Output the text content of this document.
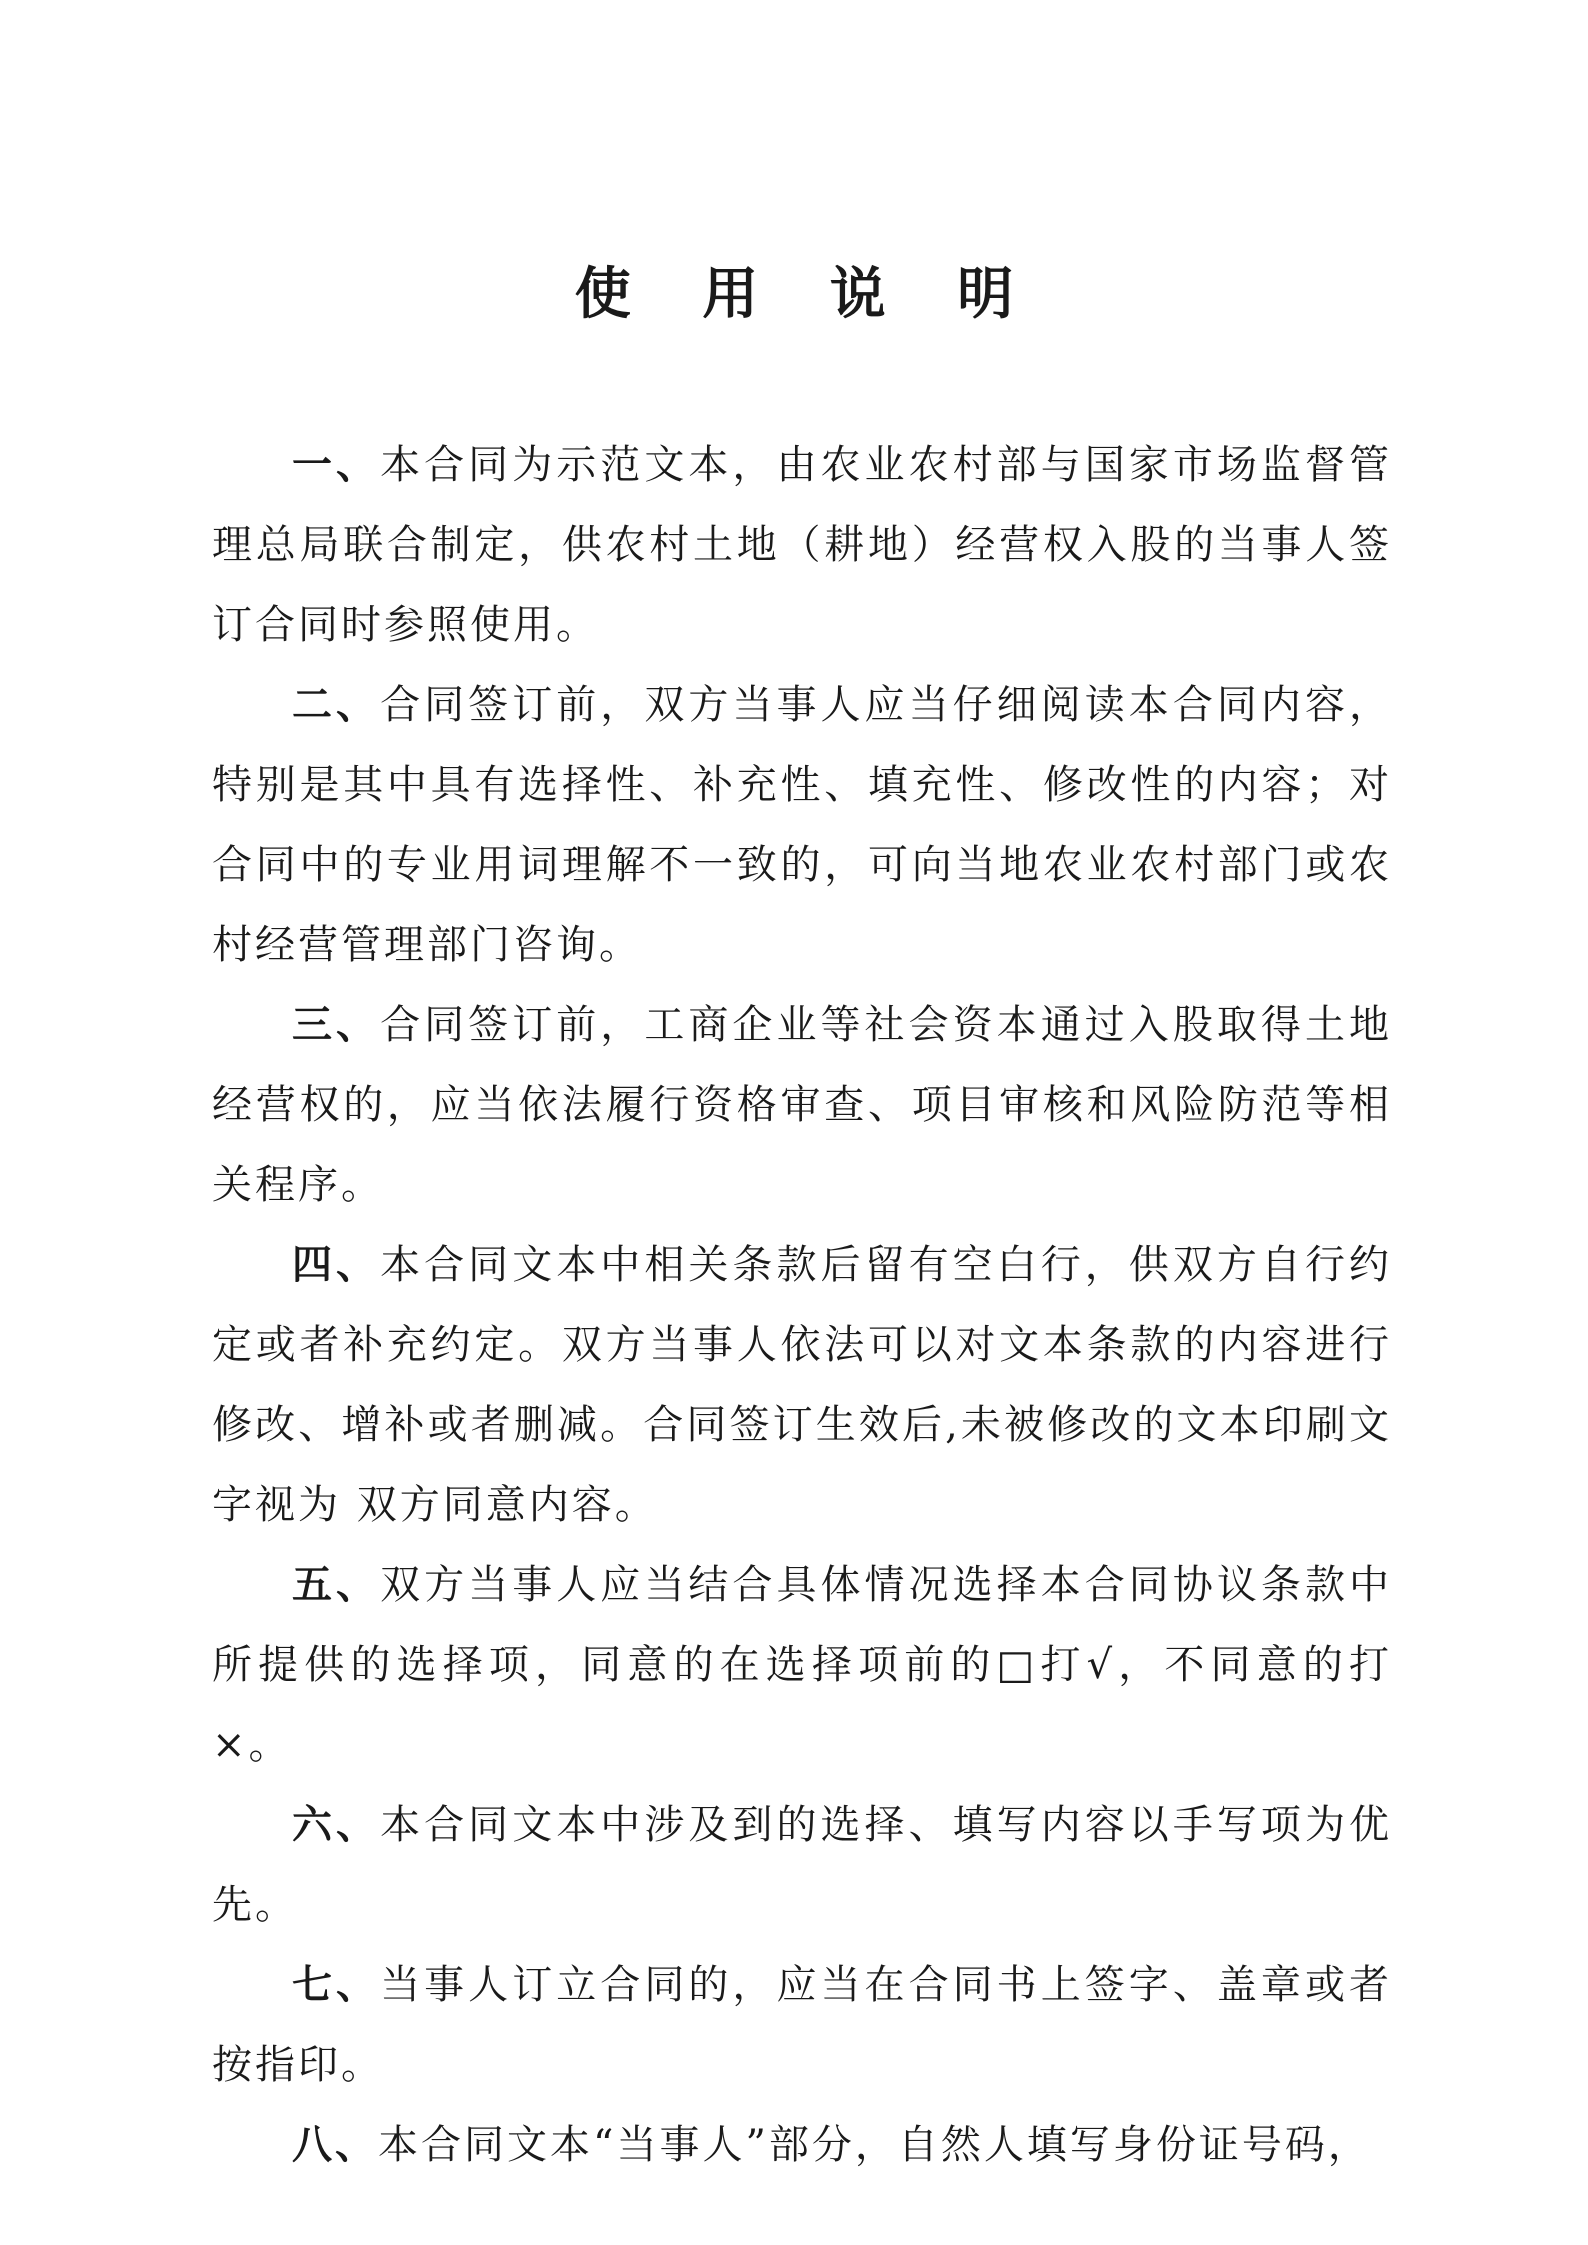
使 用 说 明

一、本合同为示范文本，由农业农村部与国家市场监督管理总局联合制定，供农村土地（耕地）经营权入股的当事人签订合同时参照使用。

二、合同签订前，双方当事人应当仔细阅读本合同内容，特别是其中具有选择性、补充性、填充性、修改性的内容；对合同中的专业用词理解不一致的，可向当地农业农村部门或农村经营管理部门咨询。

三、合同签订前，工商企业等社会资本通过入股取得土地经营权的，应当依法履行资格审查、项目审核和风险防范等相关程序。

四、本合同文本中相关条款后留有空白行，供双方自行约定或者补充约定。双方当事人依法可以对文本条款的内容进行修改、增补或者删减。合同签订生效后,未被修改的文本印刷文字视为 双方同意内容。

五、双方当事人应当结合具体情况选择本合同协议条款中所提供的选择项，同意的在选择项前的□打√，不同意的打×。

六、本合同文本中涉及到的选择、填写内容以手写项为优先。

七、当事人订立合同的，应当在合同书上签字、盖章或者按指印。

八、本合同文本“当事人”部分，自然人填写身份证号码，
